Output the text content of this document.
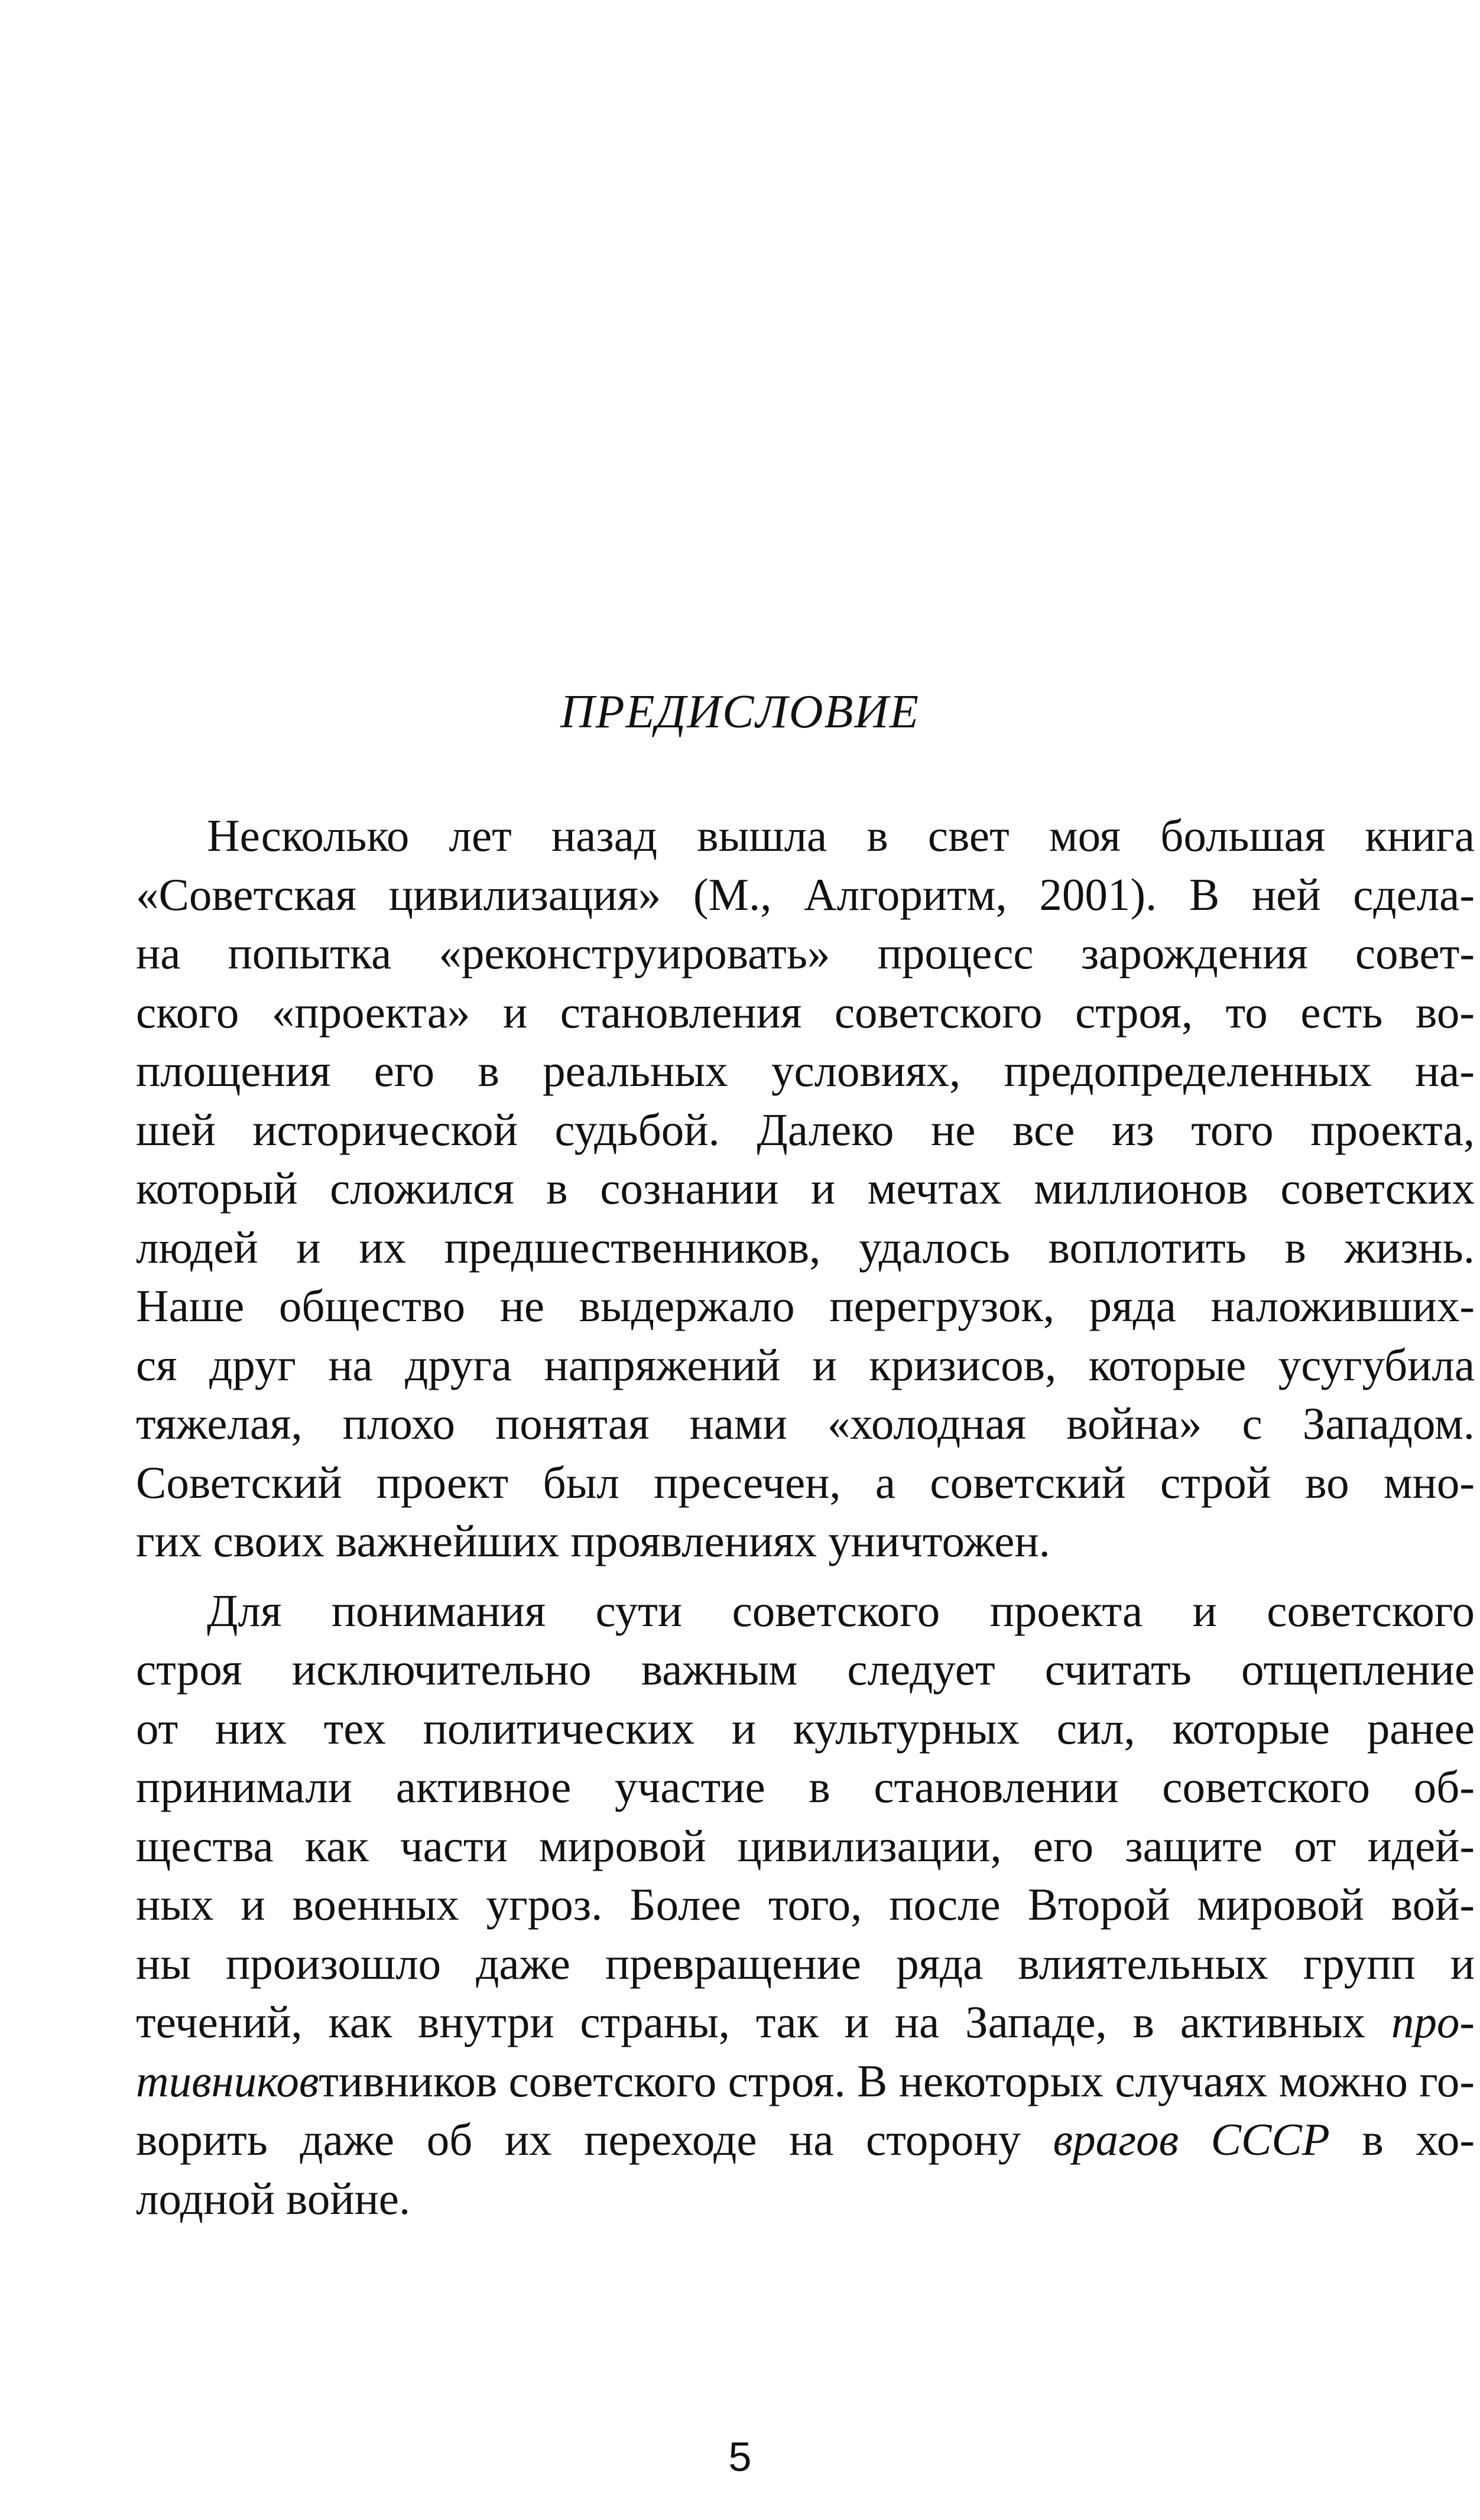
ПРЕДИСЛОВИЕ
Несколько лет назад вышла в свет моя большая книга
«Советская цивилизация» (М., Алгоритм, 2001). В ней сдела-
на попытка «реконструировать» процесс зарождения совет-
ского «проекта» и становления советского строя, то есть во-
площения его в реальных условиях, предопределенных на-
шей исторической судьбой. Далеко не все из того проекта,
который сложился в сознании и мечтах миллионов советских
людей и их предшественников, удалось воплотить в жизнь.
Наше общество не выдержало перегрузок, ряда наложивших-
ся друг на друга напряжений и кризисов, которые усугубила
тяжелая, плохо понятая нами «холодная война» с Западом.
Советский проект был пресечен, а советский строй во мно-
гих своих важнейших проявлениях уничтожен.
Для понимания сути советского проекта и советского
строя исключительно важным следует считать отщепление
от них тех политических и культурных сил, которые ранее
принимали активное участие в становлении советского об-
щества как части мировой цивилизации, его защите от идей-
ных и военных угроз. Более того, после Второй мировой вой-
ны произошло даже превращение ряда влиятельных групп и
течений, как внутри страны, так и на Западе, в активных про-
тивниковтивников советского строя. В некоторых случаях можно го-
ворить даже об их переходе на сторону врагов СССР в хо-
лодной войне.
5
